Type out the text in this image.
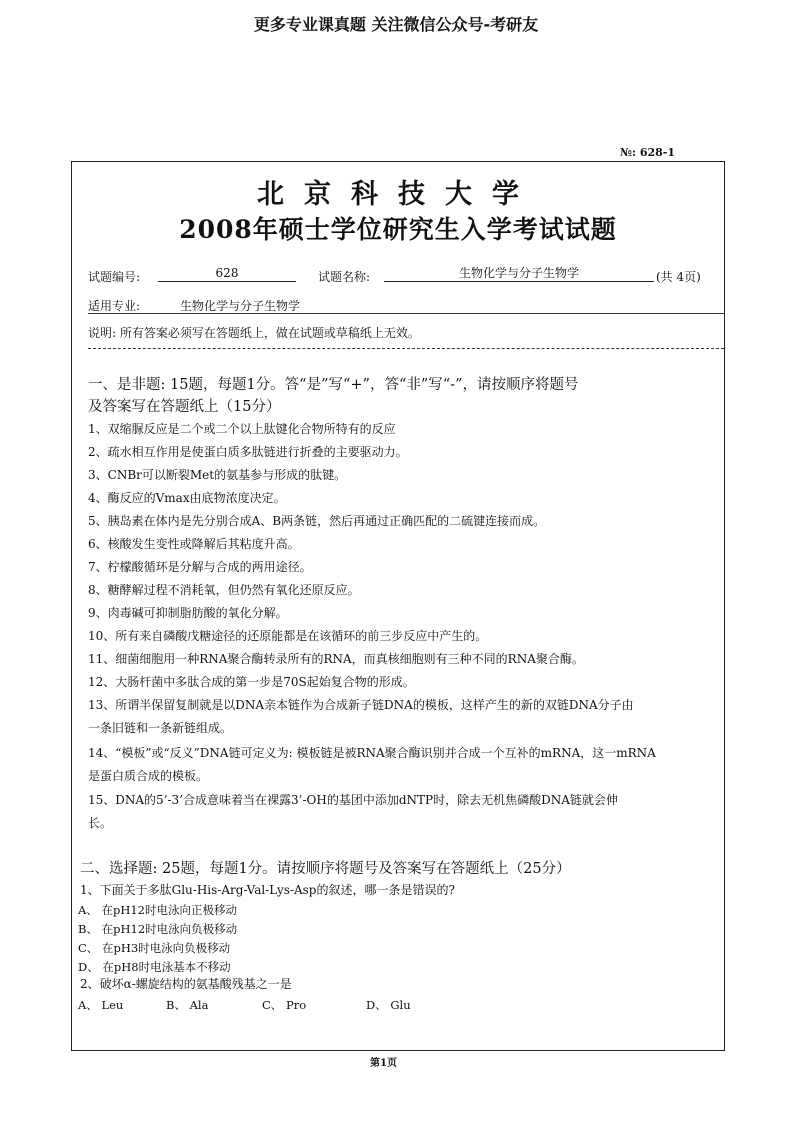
更多专业课真题 关注微信公众号-考研友
№: 628-1
北京科技大学
2008年硕士学位研究生入学考试试题
试题编号:	628	试题名称:	生物化学与分子生物学	(共 4页)
适用专业:	生物化学与分子生物学
说明: 所有答案必须写在答题纸上，做在试题或草稿纸上无效。
一、是非题: 15题，每题1分。答“是”写“+”，答“非”写“-”，请按顺序将题号
及答案写在答题纸上（15分）
1、双缩脲反应是二个或二个以上肽键化合物所特有的反应
2、疏水相互作用是使蛋白质多肽链进行折叠的主要驱动力。
3、CNBr可以断裂Met的氨基参与形成的肽键。
4、酶反应的Vmax由底物浓度决定。
5、胰岛素在体内是先分别合成A、B两条链，然后再通过正确匹配的二硫键连接而成。
6、核酸发生变性或降解后其粘度升高。
7、柠檬酸循环是分解与合成的两用途径。
8、糖酵解过程不消耗氧，但仍然有氧化还原反应。
9、肉毒碱可抑制脂肪酸的氧化分解。
10、所有来自磷酸戊糖途径的还原能都是在该循环的前三步反应中产生的。
11、细菌细胞用一种RNA聚合酶转录所有的RNA，而真核细胞则有三种不同的RNA聚合酶。
12、大肠杆菌中多肽合成的第一步是70S起始复合物的形成。
13、所谓半保留复制就是以DNA亲本链作为合成新子链DNA的模板，这样产生的新的双链DNA分子由
一条旧链和一条新链组成。
14、“模板”或“反义”DNA链可定义为: 模板链是被RNA聚合酶识别并合成一个互补的mRNA，这一mRNA
是蛋白质合成的模板。
15、DNA的5’-3’合成意味着当在裸露3’-OH的基团中添加dNTP时，除去无机焦磷酸DNA链就会伸
长。
二、选择题: 25题，每题1分。请按顺序将题号及答案写在答题纸上（25分）
1、下面关于多肽Glu-His-Arg-Val-Lys-Asp的叙述，哪一条是错误的?
A、 在pH12时电泳向正极移动
B、 在pH12时电泳向负极移动
C、 在pH3时电泳向负极移动
D、 在pH8时电泳基本不移动
2、破坏α-螺旋结构的氨基酸残基之一是
A、 Leu	B、 Ala	C、 Pro	D、 Glu
第1页
